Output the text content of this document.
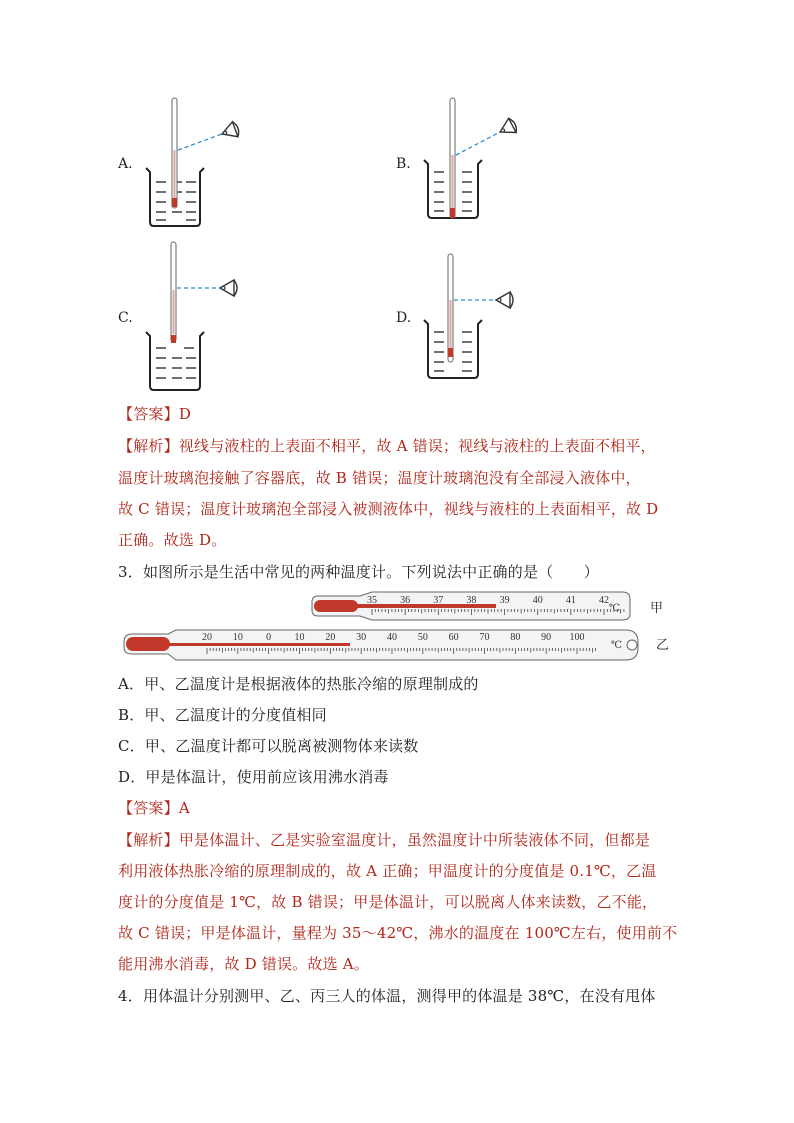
A.	B.
C.	D.
【答案】D
【解析】视线与液柱的上表面不相平，故 A 错误；视线与液柱的上表面不相平，
温度计玻璃泡接触了容器底，故 B 错误；温度计玻璃泡没有全部浸入液体中，
故 C 错误；温度计玻璃泡全部浸入被测液体中，视线与液柱的上表面相平，故 D
正确。故选 D。
3．如图所示是生活中常见的两种温度计。下列说法中正确的是（　　）
35 36 37 38 39 40 41 42
℃ 甲
20 10 0 10 20 30 40 50 60 70 80 90 100
℃	乙
A．甲、乙温度计是根据液体的热胀冷缩的原理制成的
B．甲、乙温度计的分度值相同
C．甲、乙温度计都可以脱离被测物体来读数
D．甲是体温计，使用前应该用沸水消毒
【答案】A
【解析】甲是体温计、乙是实验室温度计，虽然温度计中所装液体不同，但都是
利用液体热胀冷缩的原理制成的，故 A 正确；甲温度计的分度值是 0.1℃，乙温
度计的分度值是 1℃，故 B 错误；甲是体温计，可以脱离人体来读数，乙不能，
故 C 错误；甲是体温计，量程为 35～42℃，沸水的温度在 100℃左右，使用前不
能用沸水消毒，故 D 错误。故选 A。
4．用体温计分别测甲、乙、丙三人的体温，测得甲的体温是 38℃，在没有甩体
